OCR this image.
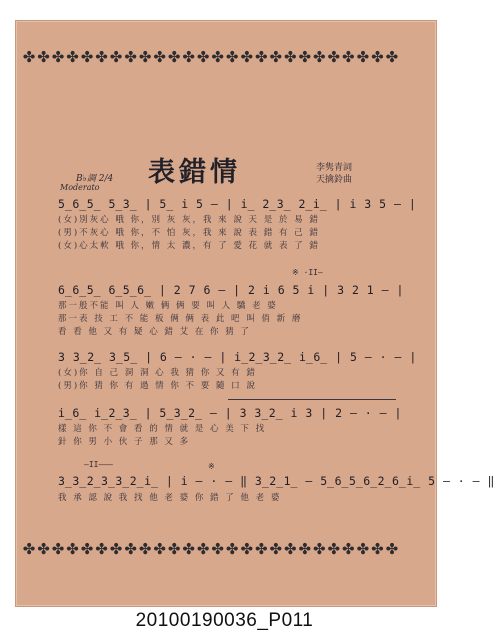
✤ ✤ ✤ ✤ ✤ ✤ ✤ ✤ ✤ ✤ ✤ ✤ ✤ ✤ ✤ ✤ ✤ ✤ ✤ ✤ ✤ ✤ ✤ ✤ ✤ ✤
✤ ✤ ✤ ✤ ✤ ✤ ✤ ✤ ✤ ✤ ✤ ✤ ✤ ✤ ✤ ✤ ✤ ✤ ✤ ✤ ✤ ✤ ✤ ✤ ✤ ✤
B♭調 2/4
Moderato 表錯情	李隽青詞
天擒鈴曲
5̲6̲5̲ 5̲3̲ | 5̲ i 5 — | i̲ 2̲3̲ 2̲i̲ | i 3 5 — |
(女)別灰心 哦 你，別 灰 灰，我 來 說 天 是 於 易 錯
(男)不灰心 哦 你，不 怕 灰，我 來 說 表 錯 有 己 錯
(女)心太軟 哦 你，情 太 濃，有 了 愛 花 就 表 了 錯
※ ·II—
6̲6̲5̲ 6̲5̲6̲ | 2 7 6 — | 2 i 6 5 i | 3 2 1 — |
那一般不能 叫 人 嫩 俩 俩 要 叫 人 驕 老 婆
那一表 技 工 不 能 板 俩 俩 表 此 吧 叫 俏 新 磨
看 看 他 又 有 疑 心 錯 艾 在 你 猜 了
3 3̲2̲ 3̲5̲ | 6 — · — | i̲2̲3̲2̲ i̲6̲ | 5 — · — |
(女)你 自 己 洞 洞 心 我 猜 你 又 有 錯
(男)你 猜 你 有 過 情 你 不 要 隨 口 說
i̲6̲ i̲2̲3̲ | 5̲3̲2̲ — | 3 3̲2̲ i 3 | 2 — · — |
樣 這 你 不 會 看 的 情 就 是 心 美 下 找
針 你 男 小 伙 子 那 又 多
—II———	※
3̲3̲2̲3̲3̲2̲i̲ | i — · — ‖ 3̲2̲1̲ — 5̲6̲5̲6̲2̲6̲i̲ 5 — · — ‖
我 承 認 說 我 找 他 老 婆 你 錯 了 他 老 婆
20100190036_P011
